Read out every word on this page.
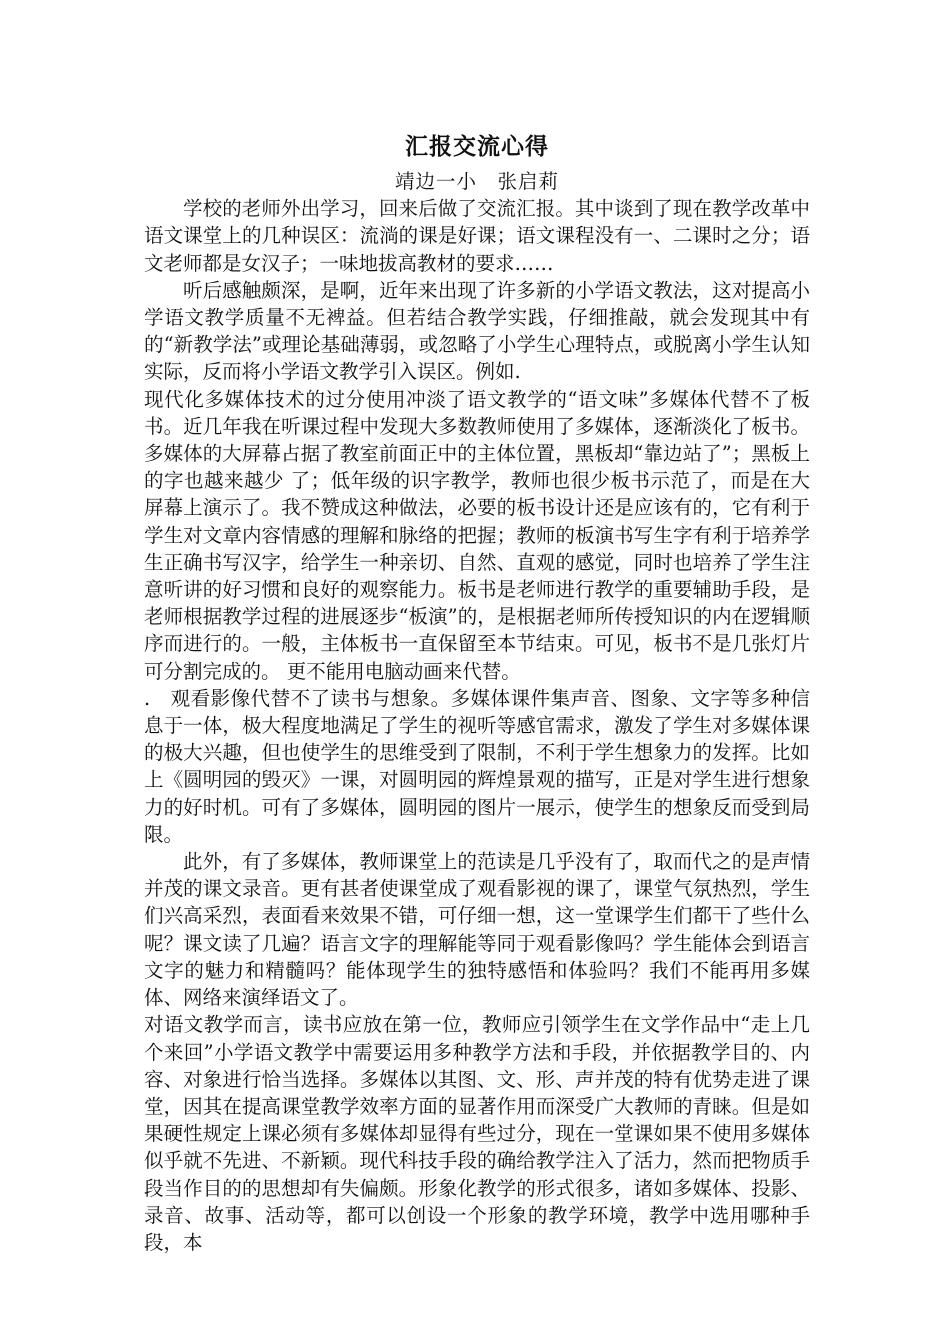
汇报交流心得
靖边一小　张启莉

学校的老师外出学习，回来后做了交流汇报。其中谈到了现在教学改革中语文课堂上的几种误区：流淌的课是好课；语文课程没有一、二课时之分；语文老师都是女汉子；一味地拔高教材的要求……

听后感触颇深，是啊，近年来出现了许多新的小学语文教法，这对提高小学语文教学质量不无裨益。但若结合教学实践，仔细推敲，就会发现其中有的“新教学法”或理论基础薄弱，或忽略了小学生心理特点，或脱离小学生认知实际，反而将小学语文教学引入误区。例如.

现代化多媒体技术的过分使用冲淡了语文教学的“语文味”多媒体代替不了板书。近几年我在听课过程中发现大多数教师使用了多媒体，逐渐淡化了板书。多媒体的大屏幕占据了教室前面正中的主体位置，黑板却“靠边站了”；黑板上的字也越来越少 了；低年级的识字教学，教师也很少板书示范了，而是在大屏幕上演示了。我不赞成这种做法，必要的板书设计还是应该有的，它有利于学生对文章内容情感的理解和脉络的把握；教师的板演书写生字有利于培养学生正确书写汉字，给学生一种亲切、自然、直观的感觉，同时也培养了学生注意听讲的好习惯和良好的观察能力。板书是老师进行教学的重要辅助手段，是老师根据教学过程的进展逐步“板演”的，是根据老师所传授知识的内在逻辑顺序而进行的。一般，主体板书一直保留至本节结束。可见，板书不是几张灯片可分割完成的。 更不能用电脑动画来代替。

.　观看影像代替不了读书与想象。多媒体课件集声音、图象、文字等多种信息于一体，极大程度地满足了学生的视听等感官需求，激发了学生对多媒体课的极大兴趣，但也使学生的思维受到了限制，不利于学生想象力的发挥。比如上《圆明园的毁灭》一课，对圆明园的辉煌景观的描写，正是对学生进行想象力的好时机。可有了多媒体，圆明园的图片一展示，使学生的想象反而受到局限。

此外，有了多媒体，教师课堂上的范读是几乎没有了，取而代之的是声情并茂的课文录音。更有甚者使课堂成了观看影视的课了，课堂气氛热烈，学生们兴高采烈，表面看来效果不错，可仔细一想，这一堂课学生们都干了些什么呢？课文读了几遍？语言文字的理解能等同于观看影像吗？学生能体会到语言文字的魅力和精髓吗？能体现学生的独特感悟和体验吗？我们不能再用多媒体、网络来演绎语文了。

对语文教学而言，读书应放在第一位，教师应引领学生在文学作品中“走上几个来回”小学语文教学中需要运用多种教学方法和手段，并依据教学目的、内容、对象进行恰当选择。多媒体以其图、文、形、声并茂的特有优势走进了课堂，因其在提高课堂教学效率方面的显著作用而深受广大教师的青睐。但是如果硬性规定上课必须有多媒体却显得有些过分，现在一堂课如果不使用多媒体似乎就不先进、不新颖。现代科技手段的确给教学注入了活力，然而把物质手段当作目的的思想却有失偏颇。形象化教学的形式很多，诸如多媒体、投影、录音、故事、活动等，都可以创设一个形象的教学环境，教学中选用哪种手段，本
